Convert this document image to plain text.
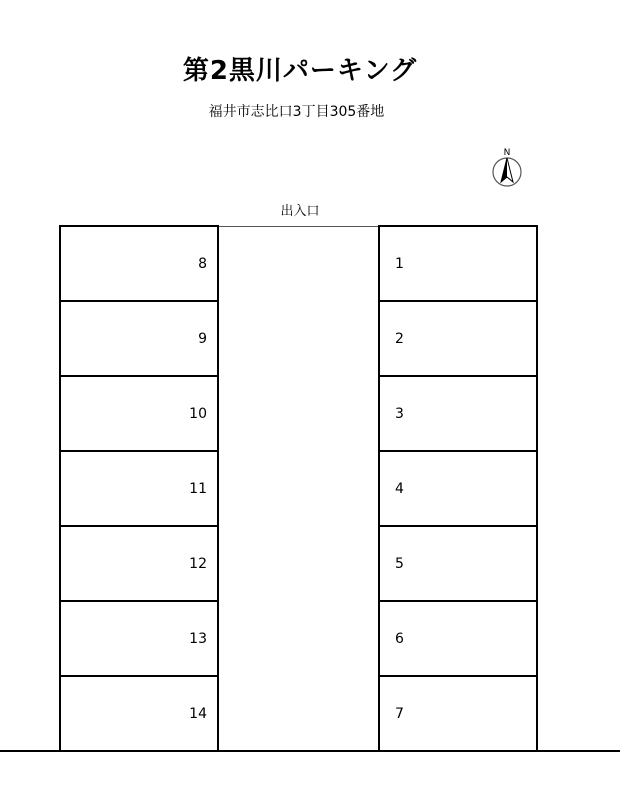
第2黒川パーキング
福井市志比口3丁目305番地
N
出入口
8
9
10
11
12
13
14
1
2
3
4
5
6
7
